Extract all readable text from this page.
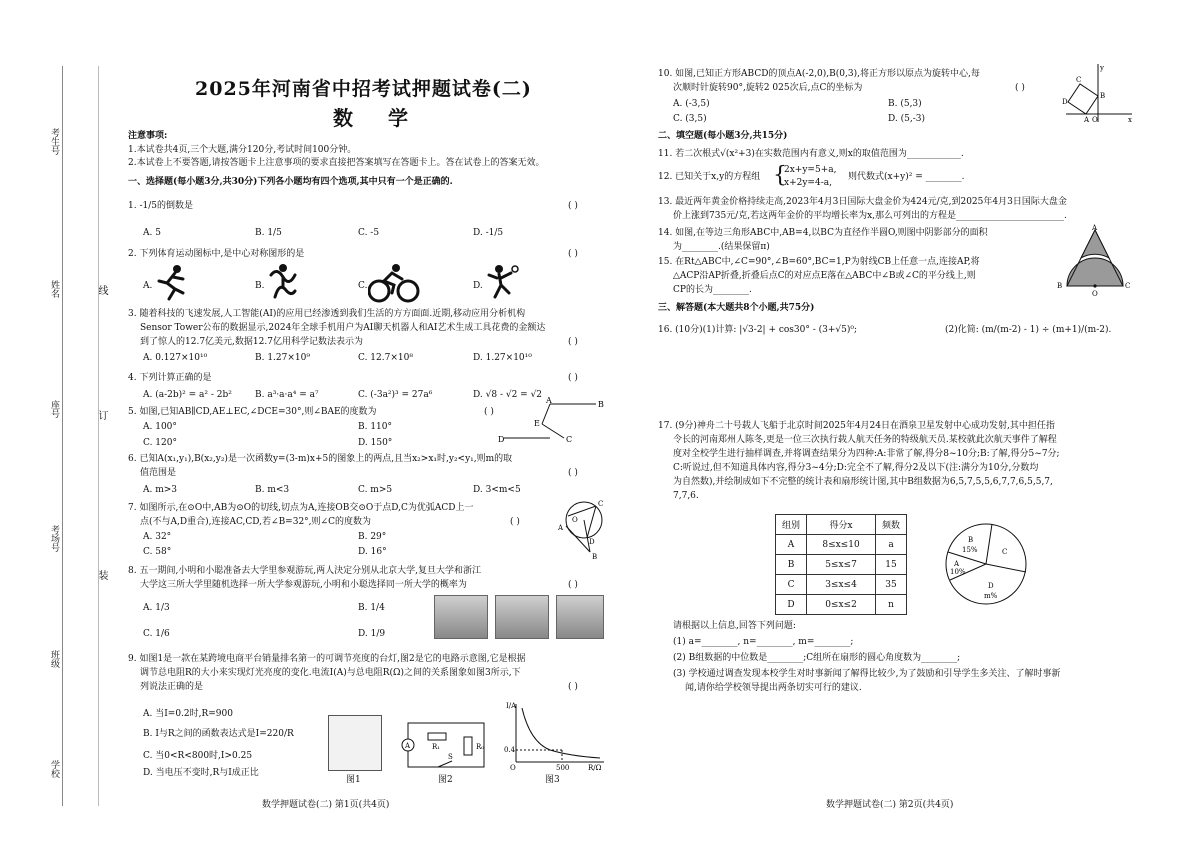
考生号
姓名
座号
考场号
班级
学校
线
订
装
2025年河南省中招考试押题试卷(二)
数 学
注意事项:
1.本试卷共4页,三个大题,满分120分,考试时间100分钟。
2.本试卷上不要答题,请按答题卡上注意事项的要求直接把答案填写在答题卡上。答在试卷上的答案无效。
一、选择题(每小题3分,共30分)下列各小题均有四个选项,其中只有一个是正确的.
1. -1/5的倒数是	( )
A. 5	B. 1/5	C. -5	D. -1/5
2. 下列体育运动图标中,是中心对称图形的是	( )
A.	B.	C.	D.
3. 随着科技的飞速发展,人工智能(AI)的应用已经渗透到我们生活的方方面面.近期,移动应用分析机构
Sensor Tower公布的数据显示,2024年全球手机用户为AI聊天机器人和AI艺术生成工具花费的金额达
到了惊人的12.7亿美元,数据12.7亿用科学记数法表示为	( )
A. 0.127×10¹⁰	B. 1.27×10⁹	C. 12.7×10⁸	D. 1.27×10¹⁰
4. 下列计算正确的是	( )
A. (a-2b)² = a² - 2b²	B. a³·a·a⁴ = a⁷	C. (-3a²)³ = 27a⁶	D. √8 - √2 = √2
5. 如图,已知AB∥CD,AE⊥EC,∠DCE=30°,则∠BAE的度数为	( )
A. 100°	B. 110°
C. 120°	D. 150°
A	B
E
D	C
6. 已知A(x₁,y₁),B(x₂,y₂)是一次函数y=(3-m)x+5的图象上的两点,且当x₂>x₁时,y₂<y₁,则m的取
值范围是	( )
A. m>3	B. m<3	C. m>5	D. 3<m<5
7. 如图所示,在⊙O中,AB为⊙O的切线,切点为A,连接OB交⊙O于点D,C为优弧ACD上一
点(不与A,D重合),连接AC,CD,若∠B=32°,则∠C的度数为	( )
A. 32°	B. 29°
C. 58°	D. 16°
O
C
A
D
B
8. 五一期间,小明和小聪准备去大学里参观游玩,两人決定分别从北京大学,复旦大学和浙江
大学这三所大学里随机选择一所大学参观游玩,小明和小聪选择同一所大学的概率为	( )
A. 1/3	B. 1/4
C. 1/6	D. 1/9
9. 如图1是一款在某跨境电商平台销量排名第一的可调节亮度的台灯,图2是它的电路示意图,它是根据
调节总电阻R的大小来实现灯光亮度的变化.电流I(A)与总电阻R(Ω)之间的关系图象如图3所示,下
列说法正确的是	( )
A. 当I=0.2时,R=900
B. I与R之间的函数表达式是I=220/R
C. 当0<R<800时,I>0.25
D. 当电压不变时,R与I成正比
图1
A	R₁	R₀
S
图2
I/A
R/Ω
0.4
500
O
图3
数学押题试卷(二) 第1页(共4页)
10. 如图,已知正方形ABCD的顶点A(-2,0),B(0,3),将正方形以原点为旋转中心,每
次顺时针旋转90°,旋转2 025次后,点C的坐标为	( )
A. (-3,5)	B. (5,3)
C. (3,5)	D. (5,-3)
y
x
C
B
D
A O
二、填空题(每小题3分,共15分)
11. 若二次根式√(x²+3)在实数范围内有意义,则x的取值范围为____________.
12. 已知关于x,y的方程组 {
2x+y=5+a,
x+2y=4-a,
则代数式(x+y)² = ________.
13. 最近两年黄金价格持续走高,2023年4月3日国际大盘金价为424元/克,到2025年4月3日国际大盘金
价上涨到735元/克,若这两年金价的平均增长率为x,那么可列出的方程是________________________.
14. 如图,在等边三角形ABC中,AB=4,以BC为直径作半圆O,则图中阴影部分的面积
为________.(结果保留π)
A
B	C
O
15. 在Rt△ABC中,∠C=90°,∠B=60°,BC=1,P为射线CB上任意一点,连接AP,将
△ACP沿AP折叠,折叠后点C的对应点E落在△ABC中∠B或∠C的平分线上,则
CP的长为________.
三、解答题(本大题共8个小题,共75分)
16. (10分)(1)计算: |√3-2| + cos30° - (3+√5)⁰;	(2)化简: (m/(m-2) - 1) ÷ (m+1)/(m-2).
17. (9分)神舟二十号载人飞船于北京时间2025年4月24日在酒泉卫星发射中心成功发射,其中担任指
令长的河南郑州人陈冬,更是一位三次执行载人航天任务的特级航天员.某校就此次航天事件了解程
度对全校学生进行抽样调查,并将调查结果分为四种:A:非常了解,得分8~10分;B:了解,得分5~7分;
C:听说过,但不知道具体内容,得分3~4分;D:完全不了解,得分2及以下(注:满分为10分,分数均
为自然数),并绘制成如下不完整的统计表和扇形统计图,其中B组数据为6,5,7,5,5,6,7,7,6,5,5,7,
7,7,6.
组别	得分x	频数
A	8≤x≤10	a
B	5≤x≤7	15
C	3≤x≤4	35
D	0≤x≤2	n
B
15%
A
10%
C
D
m%
请根据以上信息,回答下列问题:
(1) a=________, n=________, m=________;
(2) B组数据的中位数是________;C组所在扇形的圆心角度数为________;
(3) 学校通过调查发现本校学生对时事新闻了解得比较少,为了鼓励和引导学生多关注、了解时事新
闻,请你给学校领导提出两条切实可行的建议.
数学押题试卷(二) 第2页(共4页)
